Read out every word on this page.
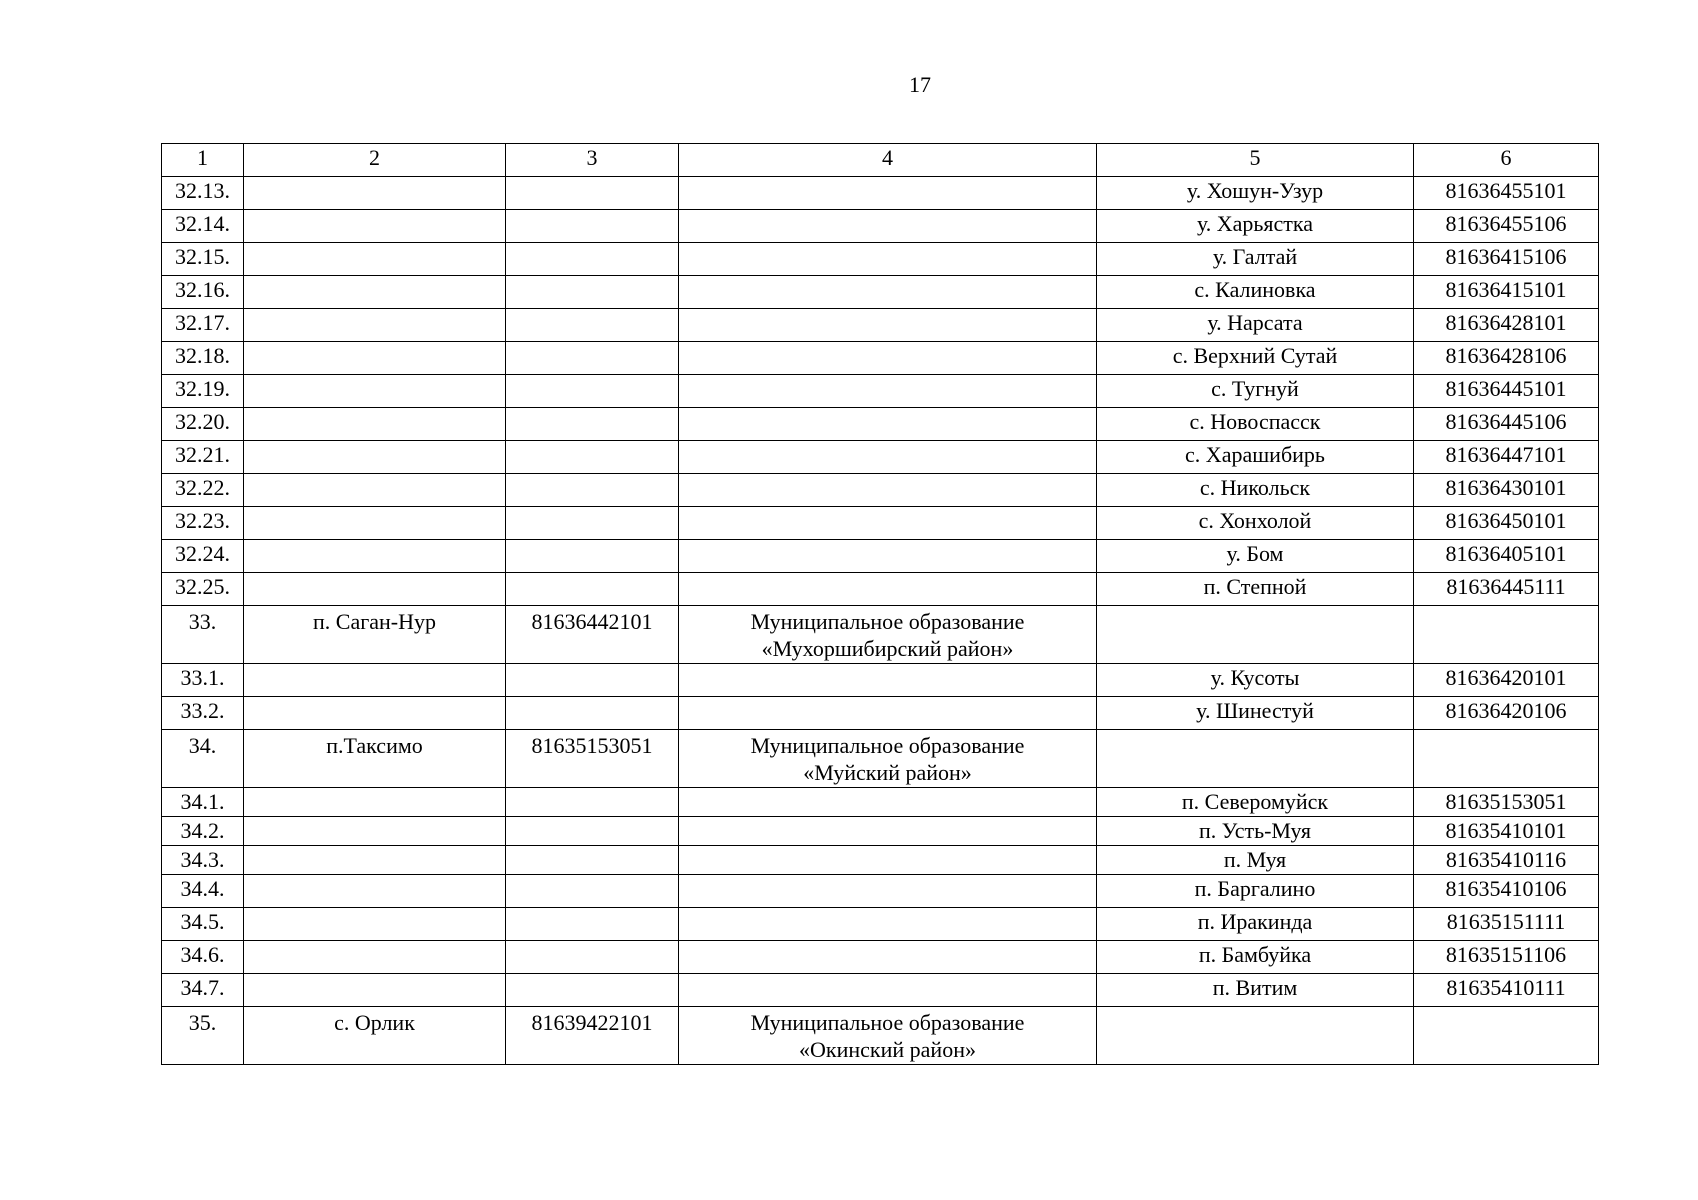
17
1	2	3	4	5	6
32.13.				у. Хошун-Узур	81636455101
32.14.				у. Харьястка	81636455106
32.15.				у. Галтай	81636415106
32.16.				с. Калиновка	81636415101
32.17.				у. Нарсата	81636428101
32.18.				с. Верхний Сутай	81636428106
32.19.				с. Тугнуй	81636445101
32.20.				с. Новоспасск	81636445106
32.21.				с. Харашибирь	81636447101
32.22.				с. Никольск	81636430101
32.23.				с. Хонхолой	81636450101
32.24.				у. Бом	81636405101
32.25.				п. Степной	81636445111
33.	п. Саган-Нур	81636442101	Муниципальное образование
«Мухоршибирский район»		
33.1.				у. Кусоты	81636420101
33.2.				у. Шинестуй	81636420106
34.	п.Таксимо	81635153051	Муниципальное образование
«Муйский район»		
34.1.				п. Северомуйск	81635153051
34.2.				п. Усть-Муя	81635410101
34.3.				п. Муя	81635410116
34.4.				п. Баргалино	81635410106
34.5.				п. Иракинда	81635151111
34.6.				п. Бамбуйка	81635151106
34.7.				п. Витим	81635410111
35.	с. Орлик	81639422101	Муниципальное образование
«Окинский район»		
